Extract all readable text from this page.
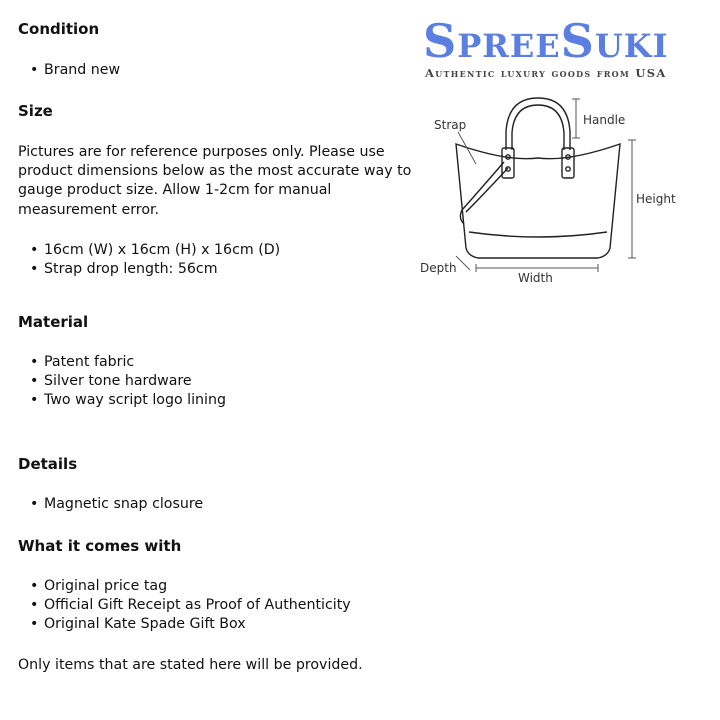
Condition
• Brand new
Size

Pictures are for reference purposes only. Please use product dimensions below as the most accurate way to gauge product size. Allow 1-2cm for manual measurement error.

• 16cm (W) x 16cm (H) x 16cm (D)
• Strap drop length: 56cm
Material
• Patent fabric
• Silver tone hardware
• Two way script logo lining
Details
• Magnetic snap closure
What it comes with
• Original price tag
• Official Gift Receipt as Proof of Authenticity
• Original Kate Spade Gift Box

Only items that are stated here will be provided.

SpreeSuki
Authentic luxury goods from USA
Strap	Handle
Height
Depth
Width
